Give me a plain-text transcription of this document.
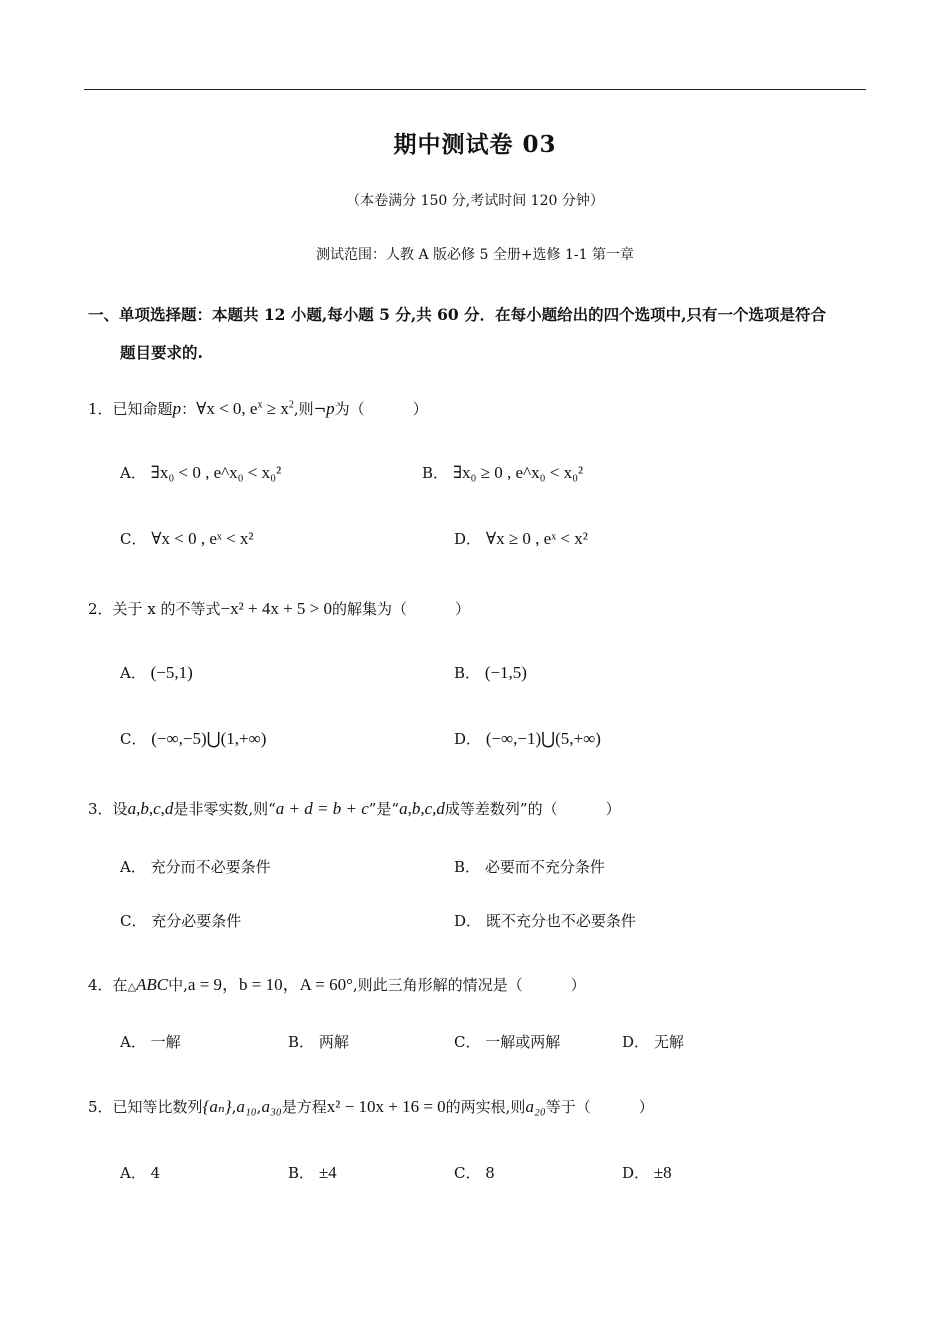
期中测试卷 03
（本卷满分 150 分,考试时间 120 分钟）
测试范围：人教 A 版必修 5 全册+选修 1-1 第一章
一、单项选择题：本题共 12 小题,每小题 5 分,共 60 分．在每小题给出的四个选项中,只有一个选项是符合
题目要求的.
1．已知命题p：∀x < 0, $e^x \ge x^2$,则¬p为（	）
A． ∃x₀ < 0 , e^x₀ < x₀²	B． ∃x₀ ≥ 0 , e^x₀ < x₀²
C． ∀x < 0 , eˣ < x²	D． ∀x ≥ 0 , eˣ < x²
2．关于 x 的不等式−x² + 4x + 5 > 0的解集为（	）
A． (−5,1)	B． (−1,5)
C． (−∞,−5)⋃(1,+∞)	D． (−∞,−1)⋃(5,+∞)
3．设a,b,c,d是非零实数,则“a + d = b + c”是“a,b,c,d成等差数列”的（	）
A． 充分而不必要条件	B． 必要而不充分条件
C． 充分必要条件	D． 既不充分也不必要条件
4．在△ABC中,a = 9，b = 10，A = 60°,则此三角形解的情况是（	）
A． 一解	B． 两解	C． 一解或两解	D． 无解
5．已知等比数列{aₙ},a₁₀,a₃₀是方程x² − 10x + 16 = 0的两实根,则a₂₀等于（	）
A． 4	B． ±4	C． 8	D． ±8
